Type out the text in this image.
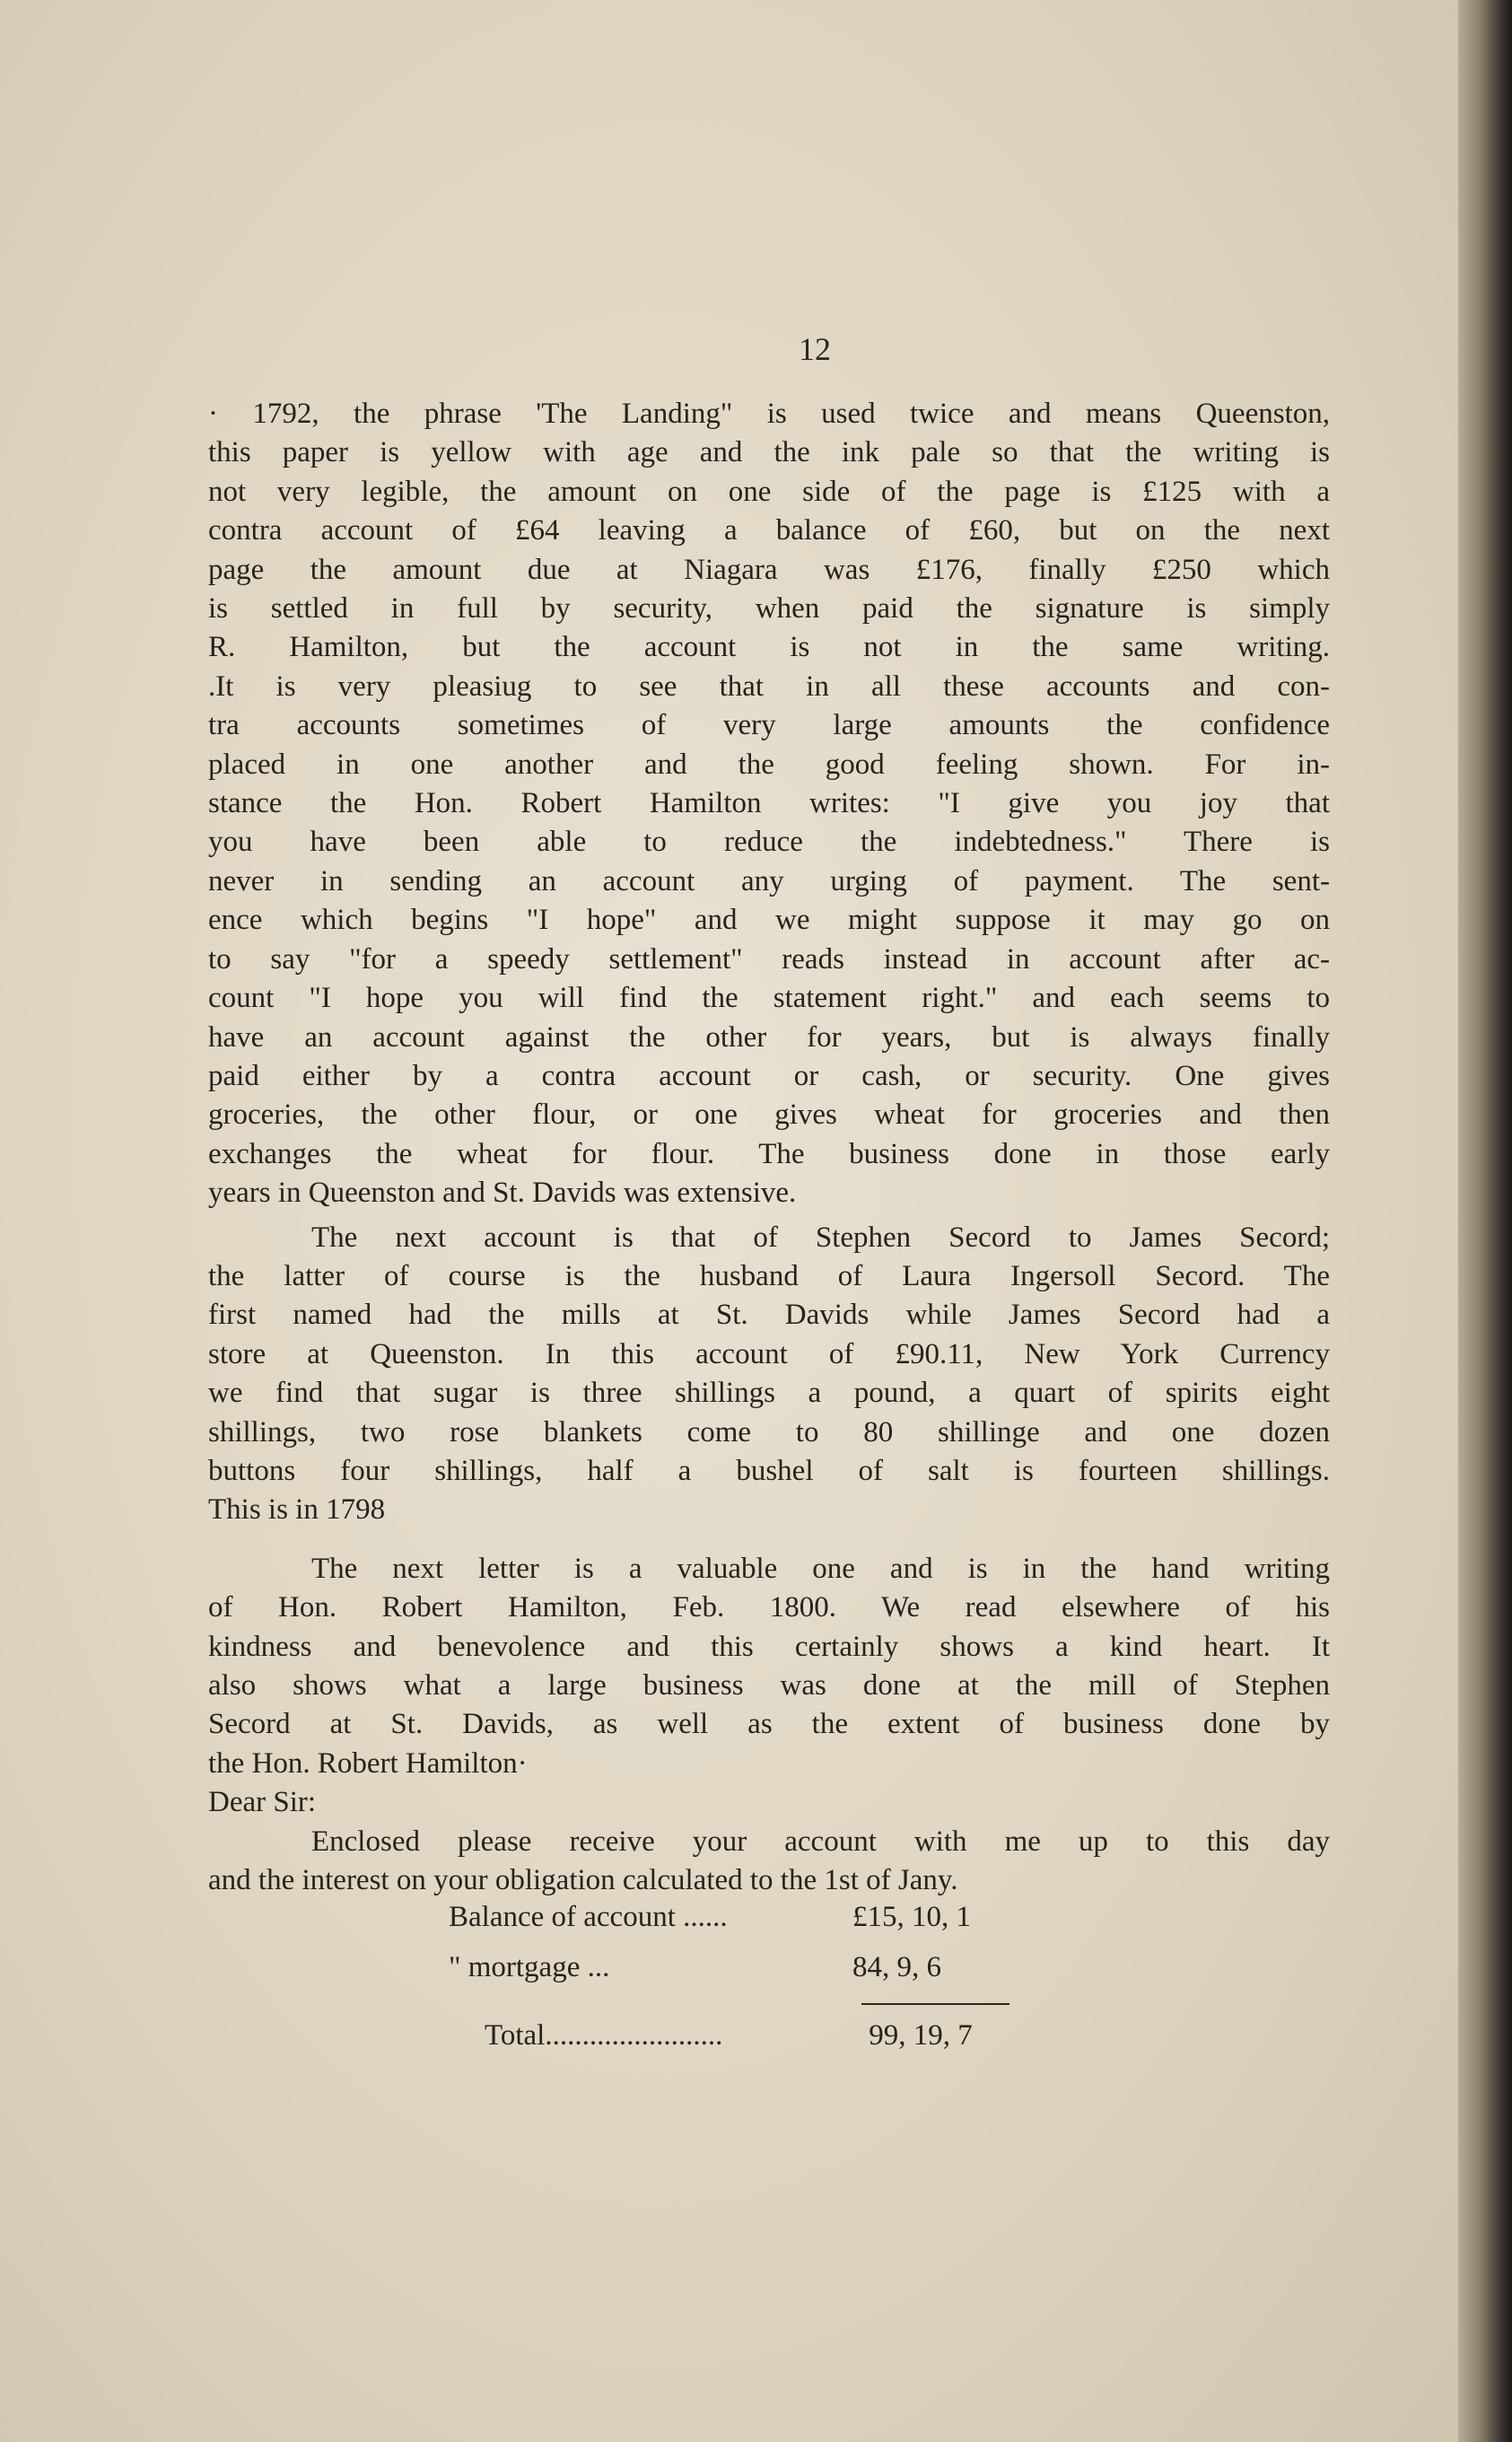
12

· 1792, the phrase 'The Landing" is used twice and means Queenston,
this paper is yellow with age and the ink pale so that the writing is
not very legible, the amount on one side of the page is £125 with a
contra account of £64 leaving a balance of £60, but on the next
page the amount due at Niagara was £176, finally £250 which
is settled in full by security, when paid the signature is simply
R. Hamilton, but the account is not in the same writing.
.It is very pleasiug to see that in all these accounts and con-
tra accounts sometimes of very large amounts the confidence
placed in one another and the good feeling shown. For in-
stance the Hon. Robert Hamilton writes: "I give you joy that
you have been able to reduce the indebtedness." There is
never in sending an account any urging of payment. The sent-
ence which begins "I hope" and we might suppose it may go on
to say "for a speedy settlement" reads instead in account after ac-
count "I hope you will find the statement right." and each seems to
have an account against the other for years, but is always finally
paid either by a contra account or cash, or security. One gives
groceries, the other flour, or one gives wheat for groceries and then
exchanges the wheat for flour. The business done in those early
years in Queenston and St. Davids was extensive.

The next account is that of Stephen Secord to James Secord;
the latter of course is the husband of Laura Ingersoll Secord. The
first named had the mills at St. Davids while James Secord had a
store at Queenston. In this account of £90.11, New York Currency
we find that sugar is three shillings a pound, a quart of spirits eight
shillings, two rose blankets come to 80 shillinge and one dozen
buttons four shillings, half a bushel of salt is fourteen shillings.
This is in 1798

The next letter is a valuable one and is in the hand writing
of Hon. Robert Hamilton, Feb. 1800. We read elsewhere of his
kindness and benevolence and this certainly shows a kind heart. It
also shows what a large business was done at the mill of Stephen
Secord at St. Davids, as well as the extent of business done by
the Hon. Robert Hamilton·

Dear Sir:

Enclosed please receive your account with me up to this day
and the interest on your obligation calculated to the 1st of Jany.

Balance of account ......	£15, 10, 1
" mortgage ...	84, 9, 6
Total........................	99, 19, 7
